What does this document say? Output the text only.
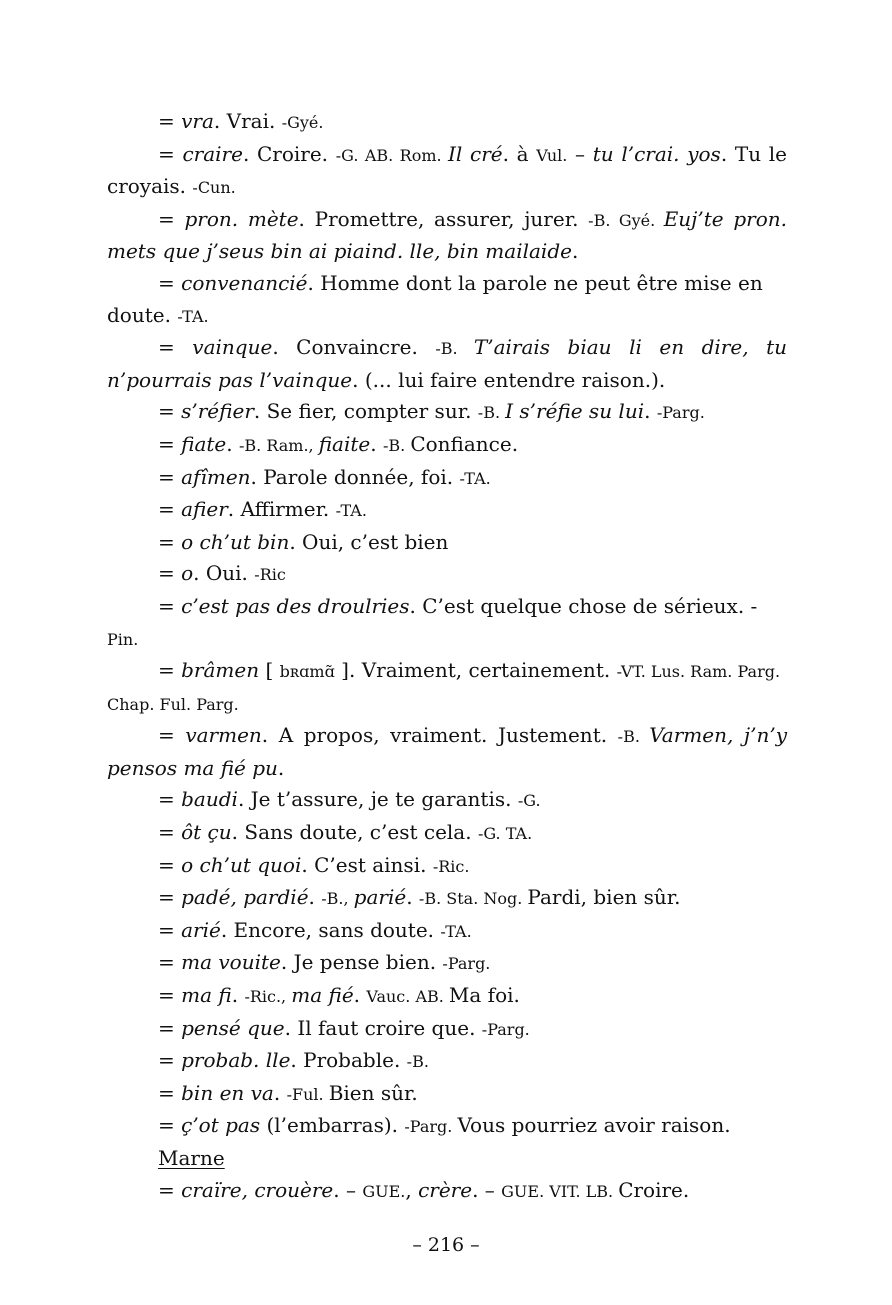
= vra. Vrai. -Gyé.

= craire. Croire. -G. AB. Rom. Il cré. à Vul. – tu l’crai. yos. Tu le croyais. -Cun.

= pron. mète. Promettre, assurer, jurer. -B. Gyé. Euj’te pron. mets que j’seus bin ai piaind. lle, bin mailaide.

= convenancié. Homme dont la parole ne peut être mise en doute. -TA.

= vainque. Convaincre. -B. T’airais biau li en dire, tu n’pourrais pas l’vainque. (... lui faire entendre raison.).

= s’réfier. Se fier, compter sur. -B. I s’réfie su lui. -Parg.

= fiate. -B. Ram., fiaite. -B. Confiance.

= afîmen. Parole donnée, foi. -TA.

= afier. Affirmer. -TA.

= o ch’ut bin. Oui, c’est bien

= o. Oui. -Ric

= c’est pas des droulries. C’est quelque chose de sérieux. - Pin.

= brâmen [ bʀɑmɑ̃ ]. Vraiment, certainement. -VT. Lus. Ram. Parg. Chap. Ful. Parg.

= varmen. A propos, vraiment. Justement. -B. Varmen, j’n’y pensos ma fié pu.

= baudi. Je t’assure, je te garantis. -G.

= ôt çu. Sans doute, c’est cela. -G. TA.

= o ch’ut quoi. C’est ainsi. -Ric.

= padé, pardié. -B., parié. -B. Sta. Nog. Pardi, bien sûr.

= arié. Encore, sans doute. -TA.

= ma vouite. Je pense bien. -Parg.

= ma fi. -Ric., ma fié. Vauc. AB. Ma foi.

= pensé que. Il faut croire que. -Parg.

= probab. lle. Probable. -B.

= bin en va. -Ful. Bien sûr.

= ç’ot pas (l’embarras). -Parg. Vous pourriez avoir raison.

Marne

= craïre, crouère. – GUE., crère. – GUE. VIT. LB. Croire.

– 216 –
